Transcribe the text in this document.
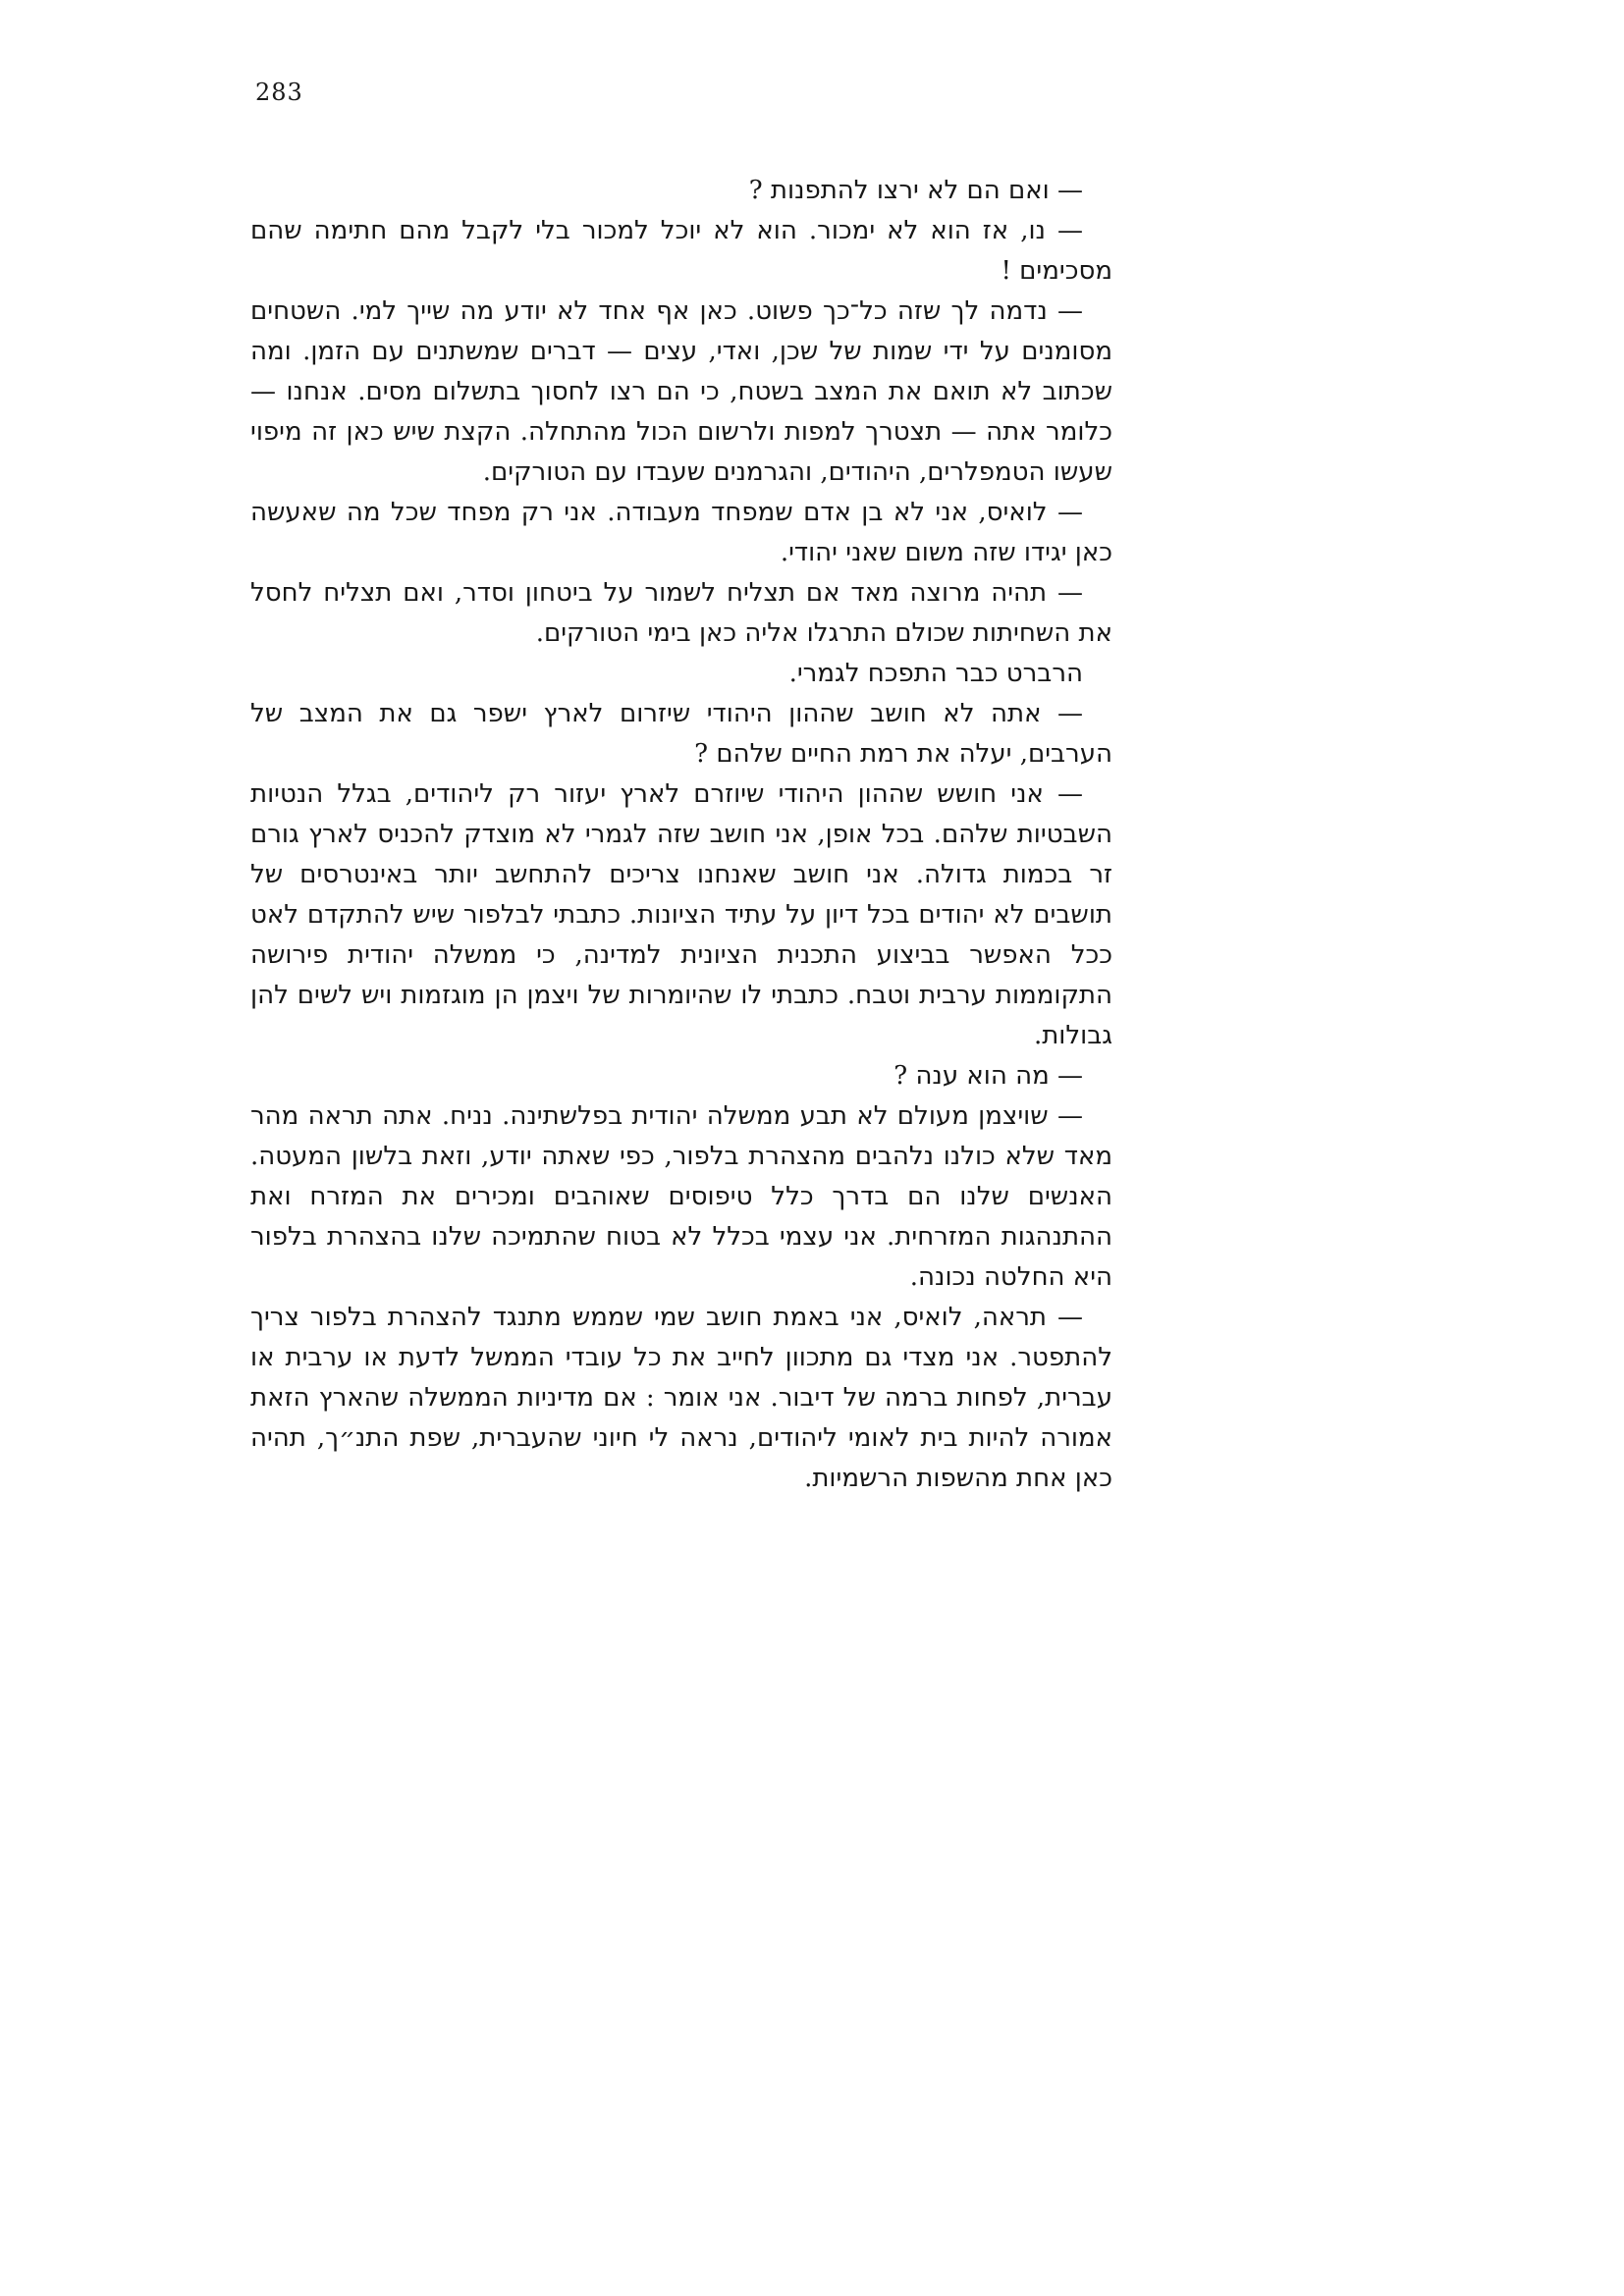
283

— ואם הם לא ירצו להתפנות ?

— נו, אז הוא לא ימכור. הוא לא יוכל למכור בלי לקבל מהם חתימה שהם מסכימים !

— נדמה לך שזה כל־כך פשוט. כאן אף אחד לא יודע מה שייך למי. השטחים מסומנים על ידי שמות של שכן, ואדי, עצים — דברים שמשתנים עם הזמן. ומה שכתוב לא תואם את המצב בשטח, כי הם רצו לחסוך בתשלום מסים. אנחנו — כלומר אתה — תצטרך למפות ולרשום הכול מהתחלה. הקצת שיש כאן זה מיפוי שעשו הטמפלרים, היהודים, והגרמנים שעבדו עם הטורקים.

— לואיס, אני לא בן אדם שמפחד מעבודה. אני רק מפחד שכל מה שאעשה כאן יגידו שזה משום שאני יהודי.

— תהיה מרוצה מאד אם תצליח לשמור על ביטחון וסדר, ואם תצליח לחסל את השחיתות שכולם התרגלו אליה כאן בימי הטורקים.

הרברט כבר התפכח לגמרי.

— אתה לא חושב שההון היהודי שיזרום לארץ ישפר גם את המצב של הערבים, יעלה את רמת החיים שלהם ?

— אני חושש שההון היהודי שיוזרם לארץ יעזור רק ליהודים, בגלל הנטיות השבטיות שלהם. בכל אופן, אני חושב שזה לגמרי לא מוצדק להכניס לארץ גורם זר בכמות גדולה. אני חושב שאנחנו צריכים להתחשב יותר באינטרסים של תושבים לא יהודים בכל דיון על עתיד הציונות. כתבתי לבלפור שיש להתקדם לאט ככל האפשר בביצוע התכנית הציונית למדינה, כי ממשלה יהודית פירושה התקוממות ערבית וטבח. כתבתי לו שהיומרות של ויצמן הן מוגזמות ויש לשים להן גבולות.

— מה הוא ענה ?

— שויצמן מעולם לא תבע ממשלה יהודית בפלשתינה. נניח. אתה תראה מהר מאד שלא כולנו נלהבים מהצהרת בלפור, כפי שאתה יודע, וזאת בלשון המעטה. האנשים שלנו הם בדרך כלל טיפוסים שאוהבים ומכירים את המזרח ואת ההתנהגות המזרחית. אני עצמי בכלל לא בטוח שהתמיכה שלנו בהצהרת בלפור היא החלטה נכונה.

— תראה, לואיס, אני באמת חושב שמי שממש מתנגד להצהרת בלפור צריך להתפטר. אני מצדי גם מתכוון לחייב את כל עובדי הממשל לדעת או ערבית או עברית, לפחות ברמה של דיבור. אני אומר : אם מדיניות הממשלה שהארץ הזאת אמורה להיות בית לאומי ליהודים, נראה לי חיוני שהעברית, שפת התנ״ך, תהיה כאן אחת מהשפות הרשמיות.
